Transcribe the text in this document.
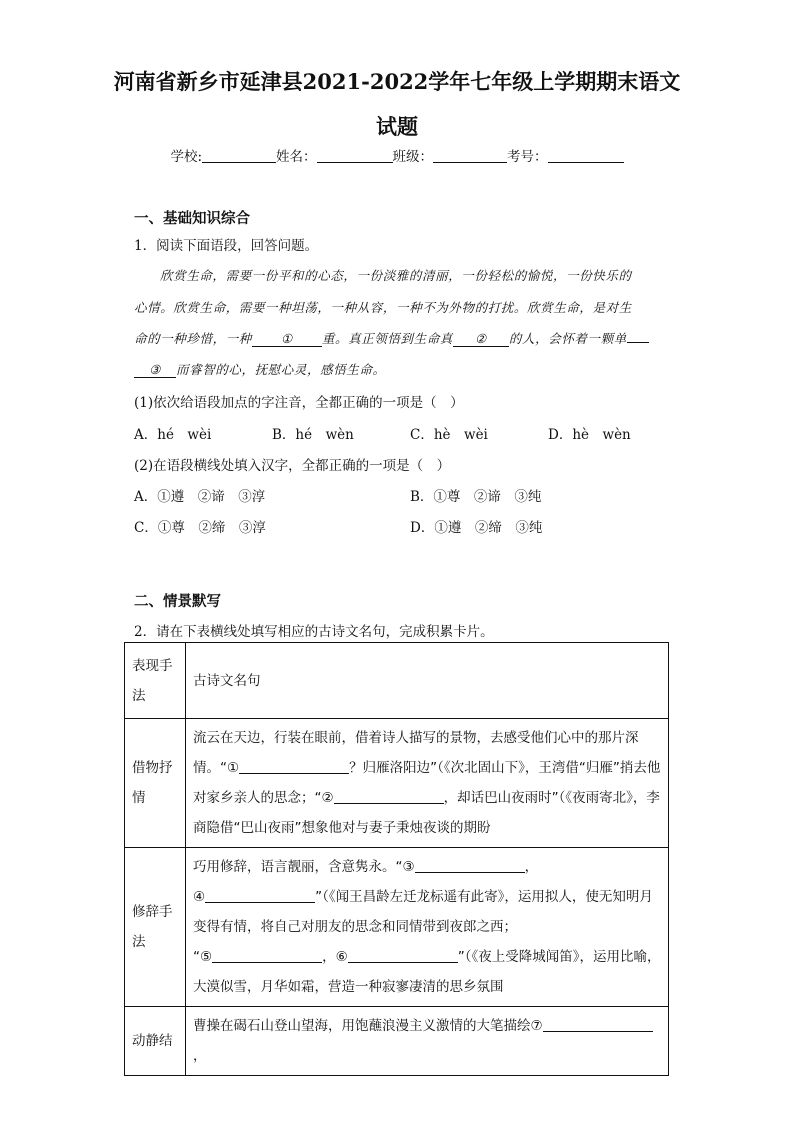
河南省新乡市延津县2021-2022学年七年级上学期期末语文
试题
学校:	姓名：	班级：	考号：
一、基础知识综合
1．阅读下面语段，回答问题。
欣赏生命，需要一份平和的心态，一份淡雅的清丽，一份轻松的愉悦，一份快乐的
心情。欣赏生命，需要一种坦荡，一种从容，一种不为外物的打扰。欣赏生命，是对生
命的一种珍惜，一种 ① 重。真正领悟到生命真 ② 的人，会怀着一颗单
③ 而睿智的心，抚慰心灵，感悟生命。
(1)依次给语段加点的字注音，全都正确的一项是（　）
A．hé　wèi	B．hé　wèn	C．hè　wèi	D．hè　wèn
(2)在语段横线处填入汉字，全都正确的一项是（　）
A．①遵　②谛　③淳	B．①尊　②谛　③纯
C．①尊　②缔　③淳	D．①遵　②缔　③纯
二、情景默写
2．请在下表横线处填写相应的古诗文名句，完成积累卡片。
表现手法	古诗文名句
借物抒情	流云在天边，行装在眼前，借着诗人描写的景物，去感受他们心中的那片深情。“① ？归雁洛阳边”（《次北固山下》，王湾借“归雁”捎去他对家乡亲人的思念；“② ，却话巴山夜雨时”（《夜雨寄北》，李商隐借“巴山夜雨”想象他对与妻子秉烛夜谈的期盼
修辞手法	巧用修辞，语言靓丽，含意隽永。“③ ，
④ ”（《闻王昌龄左迁龙标遥有此寄》，运用拟人，使无知明月变得有情，将自己对朋友的思念和同情带到夜郎之西；
“⑤ ，⑥ ”（《夜上受降城闻笛》，运用比喻，大漠似雪，月华如霜，营造一种寂寥凄清的思乡氛围
动静结	曹操在碣石山登山望海，用饱蘸浪漫主义激情的大笔描绘⑦，
